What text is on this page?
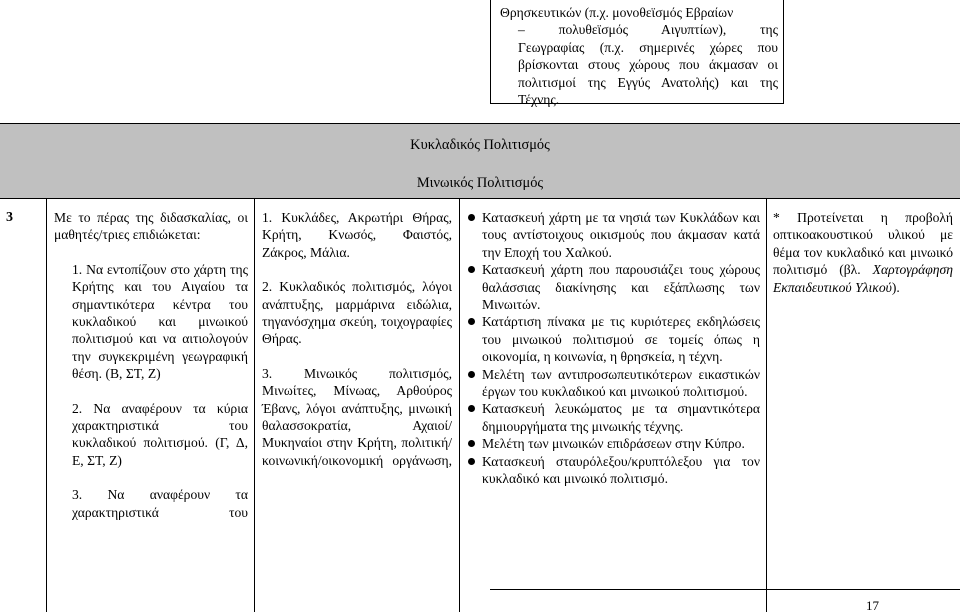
Θρησκευτικών (π.χ. μονοθεϊσμός Εβραίων
– πολυθεϊσμός Αιγυπτίων), της
Γεωγραφίας (π.χ. σημερινές χώρες που
βρίσκονται στους χώρους που άκμασαν οι
πολιτισμοί της Εγγύς Ανατολής) και της
Τέχνης.
Κυκλαδικός Πολιτισμός
Μινωικός Πολιτισμός
3	Με το πέρας της διδασκαλίας, οι μαθητές/τριες επιδιώκεται:

1. Να εντοπίζουν στο χάρτη της Κρήτης και του Αιγαίου τα σημαντικότερα κέντρα του κυκλαδικού και μινωικού πολιτισμού και να αιτιολογούν την συγκεκριμένη γεωγραφική θέση. (Β, ΣΤ, Ζ)

2. Να αναφέρουν τα κύρια χαρακτηριστικά του κυκλαδικού πολιτισμού. (Γ, Δ, Ε, ΣΤ, Ζ)

3. Να αναφέρουν τα χαρακτηριστικά του

1. Κυκλάδες, Ακρωτήρι Θήρας, Κρήτη, Κνωσός, Φαιστός, Ζάκρος, Μάλια.

2. Κυκλαδικός πολιτισμός, λόγοι ανάπτυξης, μαρμάρινα ειδώλια, τηγανόσχημα σκεύη, τοιχογραφίες Θήρας.

3. Μινωικός πολιτισμός, Μινωίτες, Μίνωας, Αρθούρος Έβανς, λόγοι ανάπτυξης, μινωική θαλασσοκρατία, Αχαιοί/Μυκηναίοι στην Κρήτη, πολιτική/κοινωνική/οικονομική οργάνωση,

Κατασκευή χάρτη με τα νησιά των Κυκλάδων και τους αντίστοιχους οικισμούς που άκμασαν κατά την Εποχή του Χαλκού.
Κατασκευή χάρτη που παρουσιάζει τους χώρους θαλάσσιας διακίνησης και εξάπλωσης των Μινωιτών.
Κατάρτιση πίνακα με τις κυριότερες εκδηλώσεις του μινωικού πολιτισμού σε τομείς όπως η οικονομία, η κοινωνία, η θρησκεία, η τέχνη.
Μελέτη των αντιπροσωπευτικότερων εικαστικών έργων του κυκλαδικού και μινωικού πολιτισμού.
Κατασκευή λευκώματος με τα σημαντικότερα δημιουργήματα της μινωικής τέχνης.
Μελέτη των μινωικών επιδράσεων στην Κύπρο.
Κατασκευή σταυρόλεξου/κρυπτόλεξου για τον κυκλαδικό και μινωικό πολιτισμό.
* Προτείνεται η προβολή οπτικοακουστικού υλικού με θέμα τον κυκλαδικό και μινωικό πολιτισμό (βλ. Χαρτογράφηση Εκπαιδευτικού Υλικού).
17
